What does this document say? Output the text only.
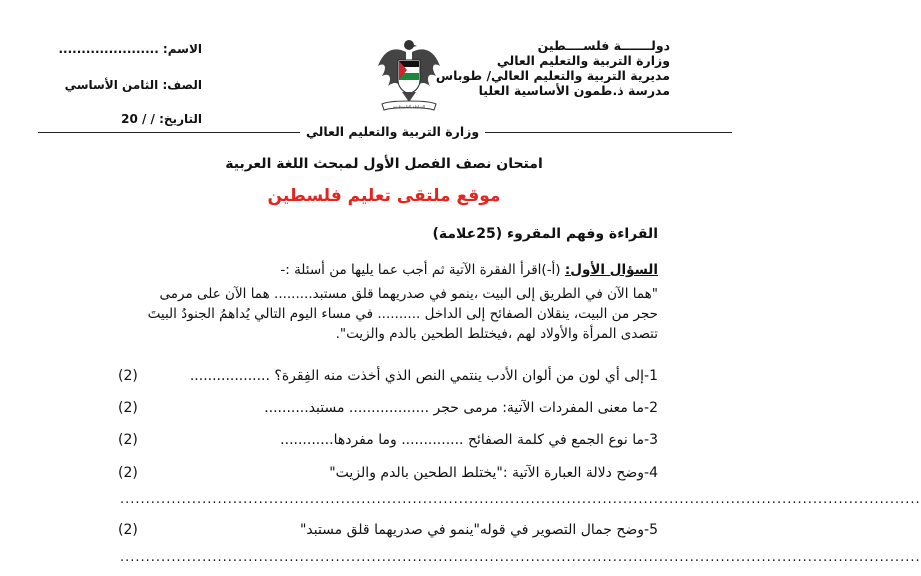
دولـــــــة فلســــطين
وزارة التربية والتعليم العالي
مديرية التربية والتعليم العالي/ طوباس
مدرسة ذ.طمون الأساسية العليا
السلطة الفلسطينية
الاسم: ......................
الصف: الثامن الأساسي
التاريخ: / / 20
وزارة التربية والتعليم العالي
امتحان نصف الفصل الأول لمبحث اللغة العربية
موقع ملتقى تعليم فلسطين
القراءة وفهم المقروء (25علامة)
السؤال الأول: (أ-)اقرأ الفقرة الآتية ثم أجب عما يليها من أسئلة :-
"هما الآن في الطريق إلى البيت ،ينمو في صدريهما قلق مستبد......... هما الآن على مرمى
حجر من البيت، ينقلان الصفائح إلى الداخل .......... في مساء اليوم التالي يُداهمُ الجنودُ البيتَ
تتصدى المرأة والأولاد لهم ،فيختلط الطحين بالدم والزيت".
1-إلى أي لون من ألوان الأدب ينتمي النص الذي أخذت منه الفِقرة؟ ..................
(2)
2-ما معنى المفردات الآتية: مرمى حجر .................. مستبد..........
(2)
3-ما نوع الجمع في كلمة الصفائح .............. وما مفردها............
(2)
4-وضح دلالة العبارة الآتية :"يختلط الطحين بالدم والزيت"
(2)
............................................................................................................................................................
5-وضح جمال التصوير في قوله"ينمو في صدريهما قلق مستبد"
(2)
............................................................................................................................................................
